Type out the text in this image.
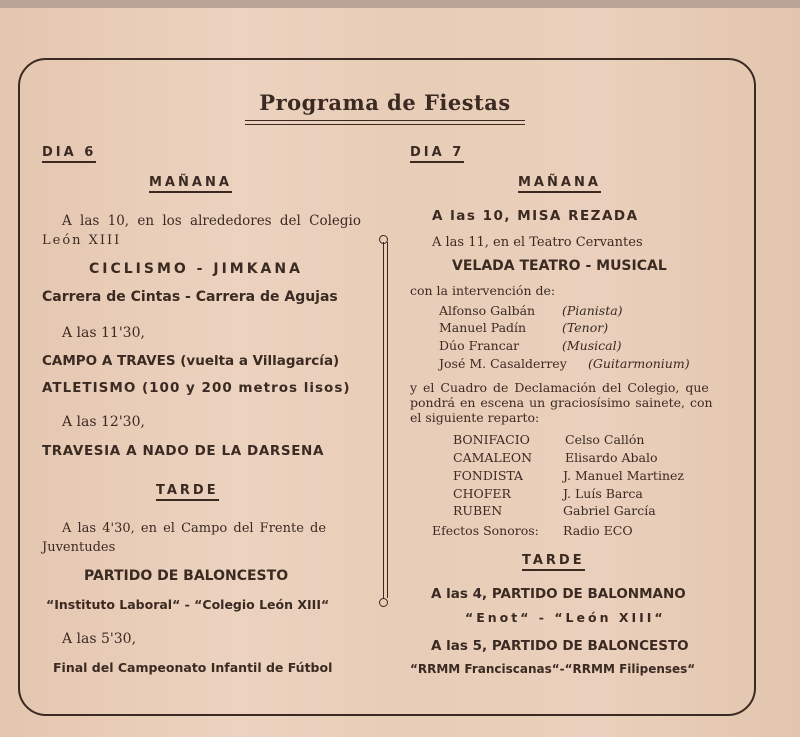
Programa de Fiestas
DIA 6
MAÑANA
A las 10, en los alrededores del Colegio
León XIII
CICLISMO - JIMKANA
Carrera de Cintas - Carrera de Agujas
A las 11'30,
CAMPO A TRAVES (vuelta a Villagarcía)
ATLETISMO (100 y 200 metros lisos)
A las 12'30,
TRAVESIA A NADO DE LA DARSENA
TARDE
A las 4'30, en el Campo del Frente de
Juventudes
PARTIDO DE BALONCESTO
“Instituto Laboral“ - “Colegio León XIII“
A las 5'30,
Final del Campeonato Infantil de Fútbol
DIA 7
MAÑANA
A las 10, MISA REZADA
A las 11, en el Teatro Cervantes
VELADA TEATRO - MUSICAL
con la intervención de:
Alfonso Galbán (Pianista)
Manuel Padín	(Tenor)
Dúo Francar	(Musical)
José M. Casalderrey (Guitarmonium)
y el Cuadro de Declamación del Colegio, que
pondrá en escena un graciosísimo sainete, con
el siguiente reparto:
BONIFACIO	Celso Callón
CAMALEON	Elisardo Abalo
FONDISTA	J. Manuel Martinez
CHOFER	J. Luís Barca
RUBEN	Gabriel García
Efectos Sonoros: Radio ECO
TARDE
A las 4, PARTIDO DE BALONMANO
“Enot“ - “León XIII“
A las 5, PARTIDO DE BALONCESTO
“RRMM Franciscanas“-“RRMM Filipenses“
